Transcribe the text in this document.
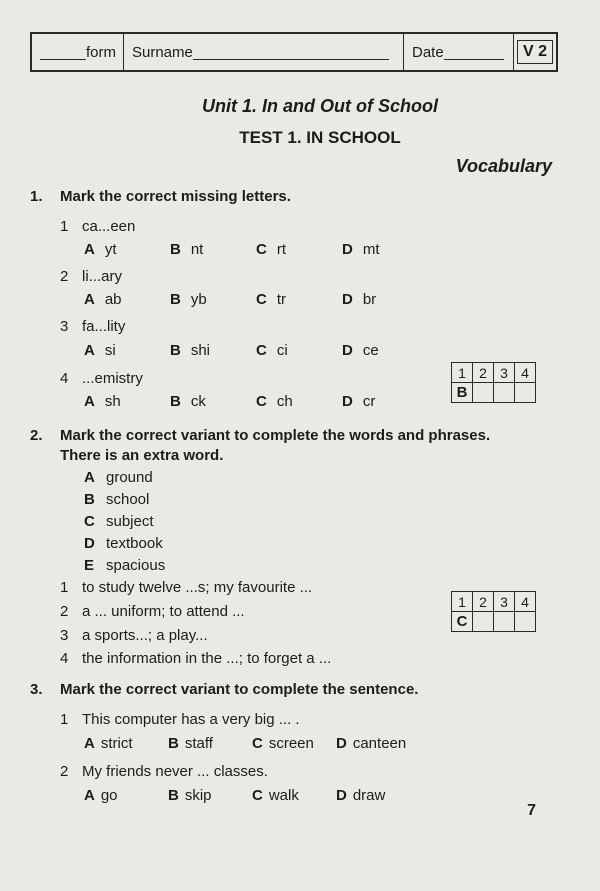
form Surname	Date	V 2
Unit 1. In and Out of School
TEST 1. IN SCHOOL
Vocabulary
1. Mark the correct missing letters.
1 ca...een
A yt	B nt	C rt	D mt
2 li...ary
A ab	B yb	C tr	D br
3 fa...lity
A si	B shi	C ci	D ce
4 ...emistry
A sh	B ck	C ch	D cr
1	2	3	4
B			
2. Mark the correct variant to complete the words and phrases.
There is an extra word.
A ground
B school
C subject
D textbook
E spacious
1 to study twelve ...s; my favourite ...
2 a ... uniform; to attend ...
3 a sports...; a play...
4 the information in the ...; to forget a ...
1	2	3	4
C			
3. Mark the correct variant to complete the sentence.
1 This computer has a very big ... .
A strict	B staff	C screen	D canteen
2 My friends never ... classes.
A go	B skip	C walk	D draw
7
